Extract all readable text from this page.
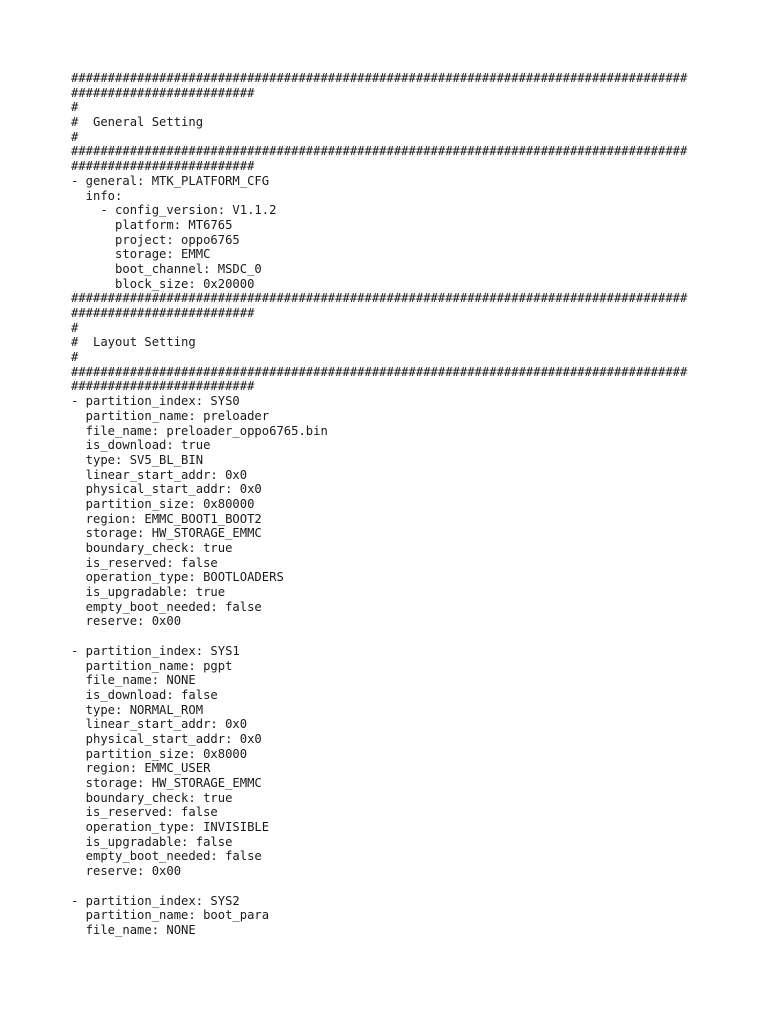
####################################################################################
#########################
#
#  General Setting
#
####################################################################################
#########################
- general: MTK_PLATFORM_CFG
info:
- config_version: V1.1.2
platform: MT6765
project: oppo6765
storage: EMMC
boot_channel: MSDC_0
block_size: 0x20000
####################################################################################
#########################
#
#  Layout Setting
#
####################################################################################
#########################
- partition_index: SYS0
partition_name: preloader
file_name: preloader_oppo6765.bin
is_download: true
type: SV5_BL_BIN
linear_start_addr: 0x0
physical_start_addr: 0x0
partition_size: 0x80000
region: EMMC_BOOT1_BOOT2
storage: HW_STORAGE_EMMC
boundary_check: true
is_reserved: false
operation_type: BOOTLOADERS
is_upgradable: true
empty_boot_needed: false
reserve: 0x00

- partition_index: SYS1
partition_name: pgpt
file_name: NONE
is_download: false
type: NORMAL_ROM
linear_start_addr: 0x0
physical_start_addr: 0x0
partition_size: 0x8000
region: EMMC_USER
storage: HW_STORAGE_EMMC
boundary_check: true
is_reserved: false
operation_type: INVISIBLE
is_upgradable: false
empty_boot_needed: false
reserve: 0x00

- partition_index: SYS2
partition_name: boot_para
file_name: NONE
